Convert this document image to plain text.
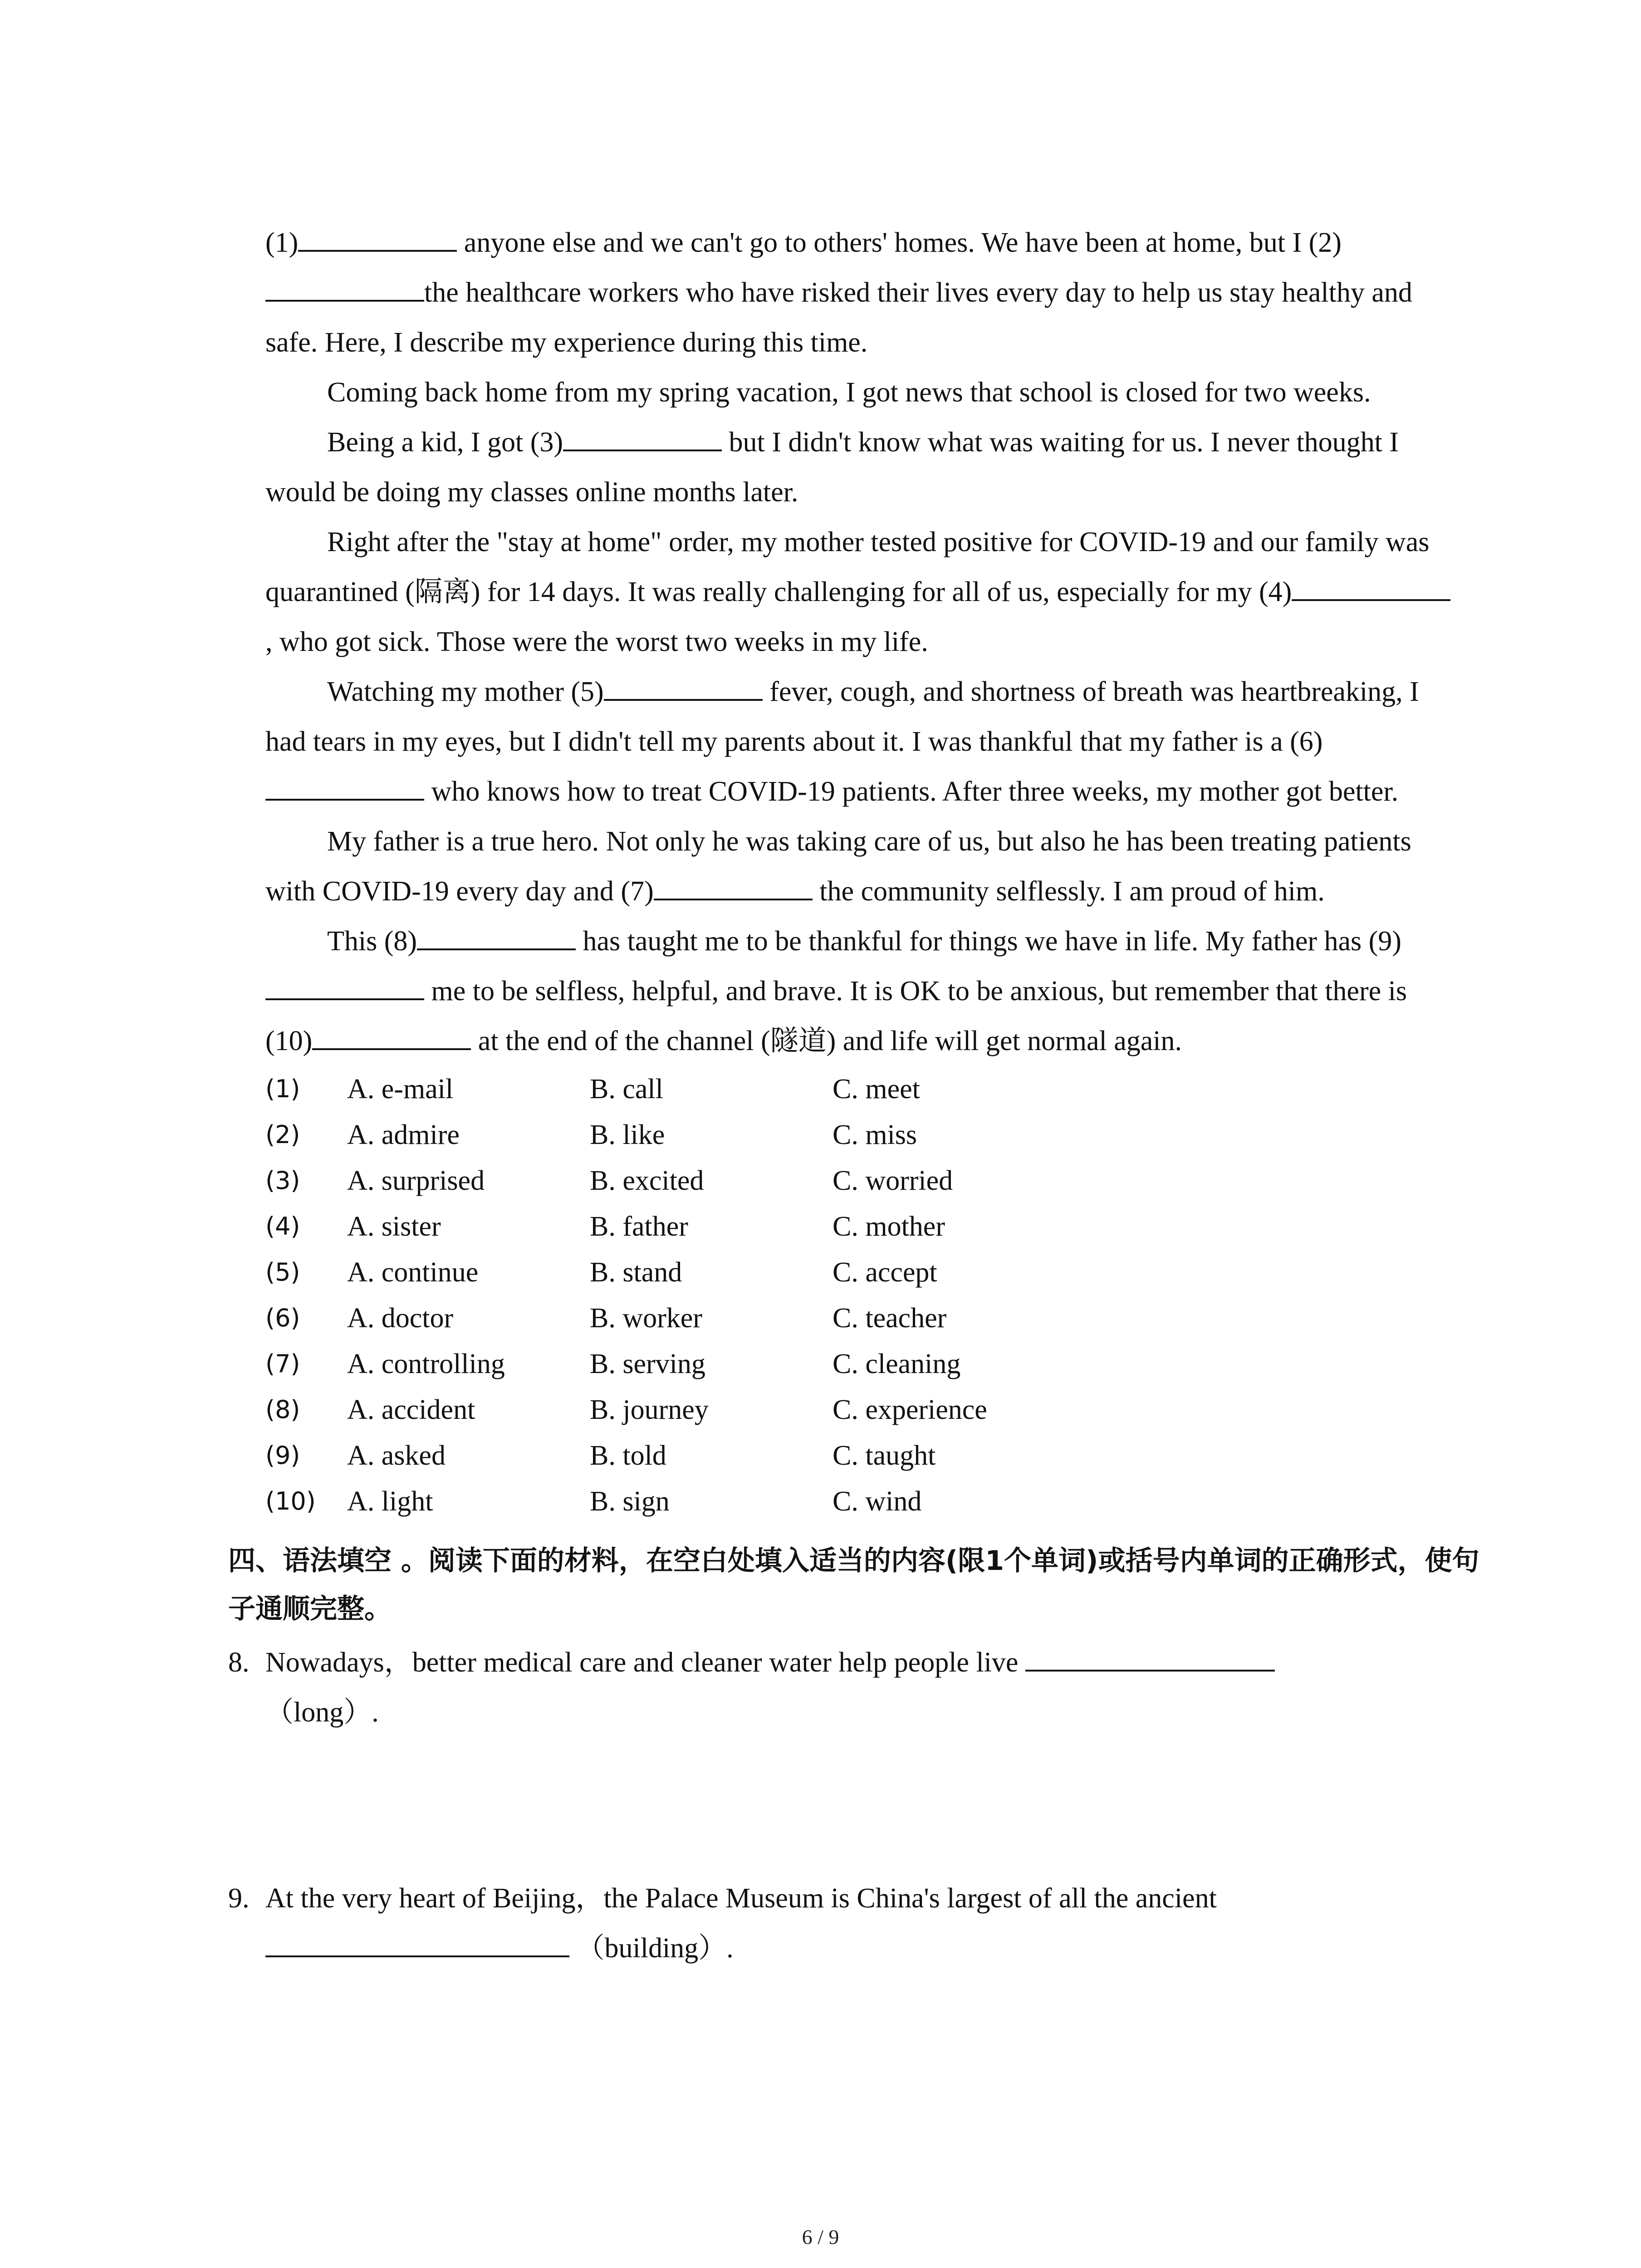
(1)	anyone else and we can't go to others' homes. We have been at home, but I (2)the healthcare workers who have risked their lives every day to help us stay healthy and safe. Here, I describe my experience during this time.

Coming back home from my spring vacation, I got news that school is closed for two weeks.

Being a kid, I got (3)	but I didn't know what was waiting for us. I never thought I would be doing my classes online months later.

Right after the "stay at home" order, my mother tested positive for COVID-19 and our family was quarantined (隔离) for 14 days. It was really challenging for all of us, especially for my (4), who got sick. Those were the worst two weeks in my life.

Watching my mother (5)	fever, cough, and shortness of breath was heartbreaking, I had tears in my eyes, but I didn't tell my parents about it. I was thankful that my father is a (6) who knows how to treat COVID-19 patients. After three weeks, my mother got better.

My father is a true hero. Not only he was taking care of us, but also he has been treating patients with COVID-19 every day and (7)	the community selflessly. I am proud of him.

This (8)	has taught me to be thankful for things we have in life. My father has (9) me to be selfless, helpful, and brave. It is OK to be anxious, but remember that there is (10)	at the end of the channel (隧道) and life will get normal again.

(1)	A. e-mail	B. call	C. meet
(2)	A. admire	B. like	C. miss
(3)	A. surprised	B. excited	C. worried
(4)	A. sister	B. father	C. mother
(5)	A. continue	B. stand	C. accept
(6)	A. doctor	B. worker	C. teacher
(7)	A. controlling	B. serving	C. cleaning
(8)	A. accident	B. journey	C. experience
(9)	A. asked	B. told	C. taught
(10)	A. light	B. sign	C. wind
四、语法填空 。阅读下面的材料，在空白处填入适当的内容(限1个单词)或括号内单词的正确形式，使句子通顺完整。
8. Nowadays，better medical care and cleaner water help people live
（long）.
9. At the very heart of Beijing，the Palace Museum is China's largest of all the ancient
（building）.
6 / 9
